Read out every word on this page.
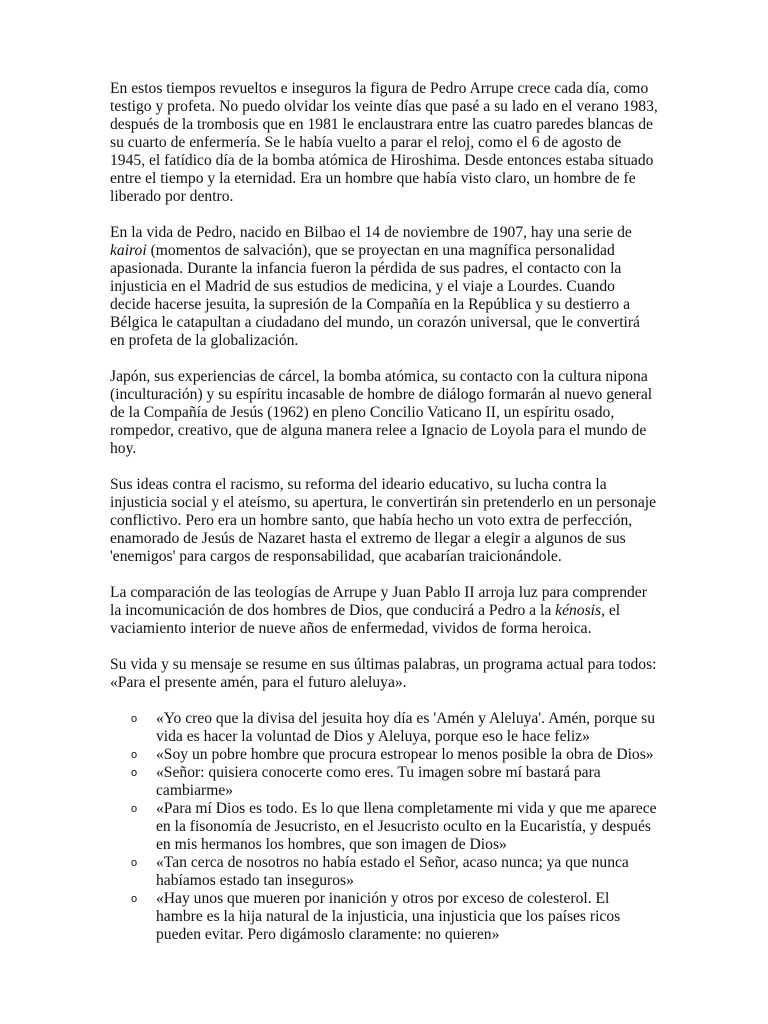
En estos tiempos revueltos e inseguros la figura de Pedro Arrupe crece cada día, como testigo y profeta. No puedo olvidar los veinte días que pasé a su lado en el verano 1983, después de la trombosis que en 1981 le enclaustrara entre las cuatro paredes blancas de su cuarto de enfermería. Se le había vuelto a parar el reloj, como el 6 de agosto de 1945, el fatídico día de la bomba atómica de Hiroshima. Desde entonces estaba situado entre el tiempo y la eternidad. Era un hombre que había visto claro, un hombre de fe liberado por dentro.

En la vida de Pedro, nacido en Bilbao el 14 de noviembre de 1907, hay una serie de kairoi (momentos de salvación), que se proyectan en una magnífica personalidad apasionada. Durante la infancia fueron la pérdida de sus padres, el contacto con la injusticia en el Madrid de sus estudios de medicina, y el viaje a Lourdes. Cuando decide hacerse jesuita, la supresión de la Compañía en la República y su destierro a Bélgica le catapultan a ciudadano del mundo, un corazón universal, que le convertirá en profeta de la globalización.

Japón, sus experiencias de cárcel, la bomba atómica, su contacto con la cultura nipona (inculturación) y su espíritu incasable de hombre de diálogo formarán al nuevo general de la Compañía de Jesús (1962) en pleno Concilio Vaticano II, un espíritu osado, rompedor, creativo, que de alguna manera relee a Ignacio de Loyola para el mundo de hoy.

Sus ideas contra el racismo, su reforma del ideario educativo, su lucha contra la injusticia social y el ateísmo, su apertura, le convertirán sin pretenderlo en un personaje conflictivo. Pero era un hombre santo, que había hecho un voto extra de perfección, enamorado de Jesús de Nazaret hasta el extremo de llegar a elegir a algunos de sus 'enemigos' para cargos de responsabilidad, que acabarían traicionándole.

La comparación de las teologías de Arrupe y Juan Pablo II arroja luz para comprender la incomunicación de dos hombres de Dios, que conducirá a Pedro a la kénosis, el vaciamiento interior de nueve años de enfermedad, vividos de forma heroica.

Su vida y su mensaje se resume en sus últimas palabras, un programa actual para todos: «Para el presente amén, para el futuro aleluya».

o «Yo creo que la divisa del jesuita hoy día es 'Amén y Aleluya'. Amén, porque su vida es hacer la voluntad de Dios y Aleluya, porque eso le hace feliz»
o «Soy un pobre hombre que procura estropear lo menos posible la obra de Dios»
o «Señor: quisiera conocerte como eres. Tu imagen sobre mí bastará para cambiarme»
o «Para mí Dios es todo. Es lo que llena completamente mi vida y que me aparece en la fisonomía de Jesucristo, en el Jesucristo oculto en la Eucaristía, y después en mis hermanos los hombres, que son imagen de Dios»
o «Tan cerca de nosotros no había estado el Señor, acaso nunca; ya que nunca habíamos estado tan inseguros»
o «Hay unos que mueren por inanición y otros por exceso de colesterol. El hambre es la hija natural de la injusticia, una injusticia que los países ricos pueden evitar. Pero digámoslo claramente: no quieren»
